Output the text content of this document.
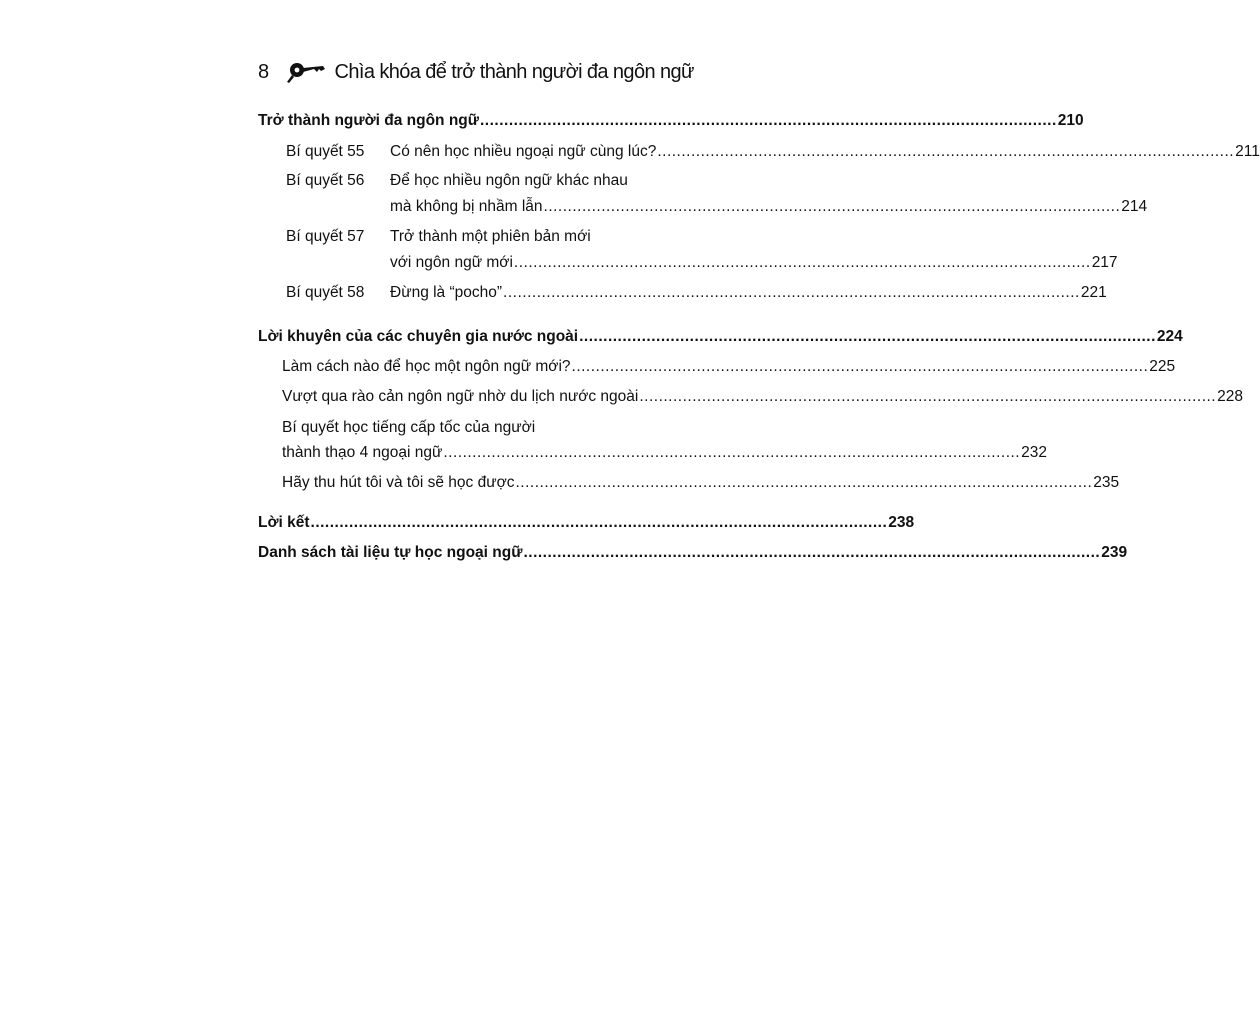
8	Chìa khóa để trở thành người đa ngôn ngữ
Trở thành người đa ngôn ngữ ........................................................................................................................ 210
Bí quyết 55 Có nên học nhiều ngoại ngữ cùng lúc? ........................................................................................................................ 211
Bí quyết 56 Để học nhiều ngôn ngữ khác nhau
mà không bị nhầm lẫn ........................................................................................................................ 214
Bí quyết 57 Trở thành một phiên bản mới
với ngôn ngữ mới ........................................................................................................................ 217
Bí quyết 58 Đừng là “pocho” ........................................................................................................................ 221
Lời khuyên của các chuyên gia nước ngoài ........................................................................................................................ 224
Làm cách nào để học một ngôn ngữ mới? ........................................................................................................................ 225
Vượt qua rào cản ngôn ngữ nhờ du lịch nước ngoài ........................................................................................................................ 228
Bí quyết học tiếng cấp tốc của người
thành thạo 4 ngoại ngữ ........................................................................................................................ 232
Hãy thu hút tôi và tôi sẽ học được ........................................................................................................................ 235
Lời kết ........................................................................................................................ 238
Danh sách tài liệu tự học ngoại ngữ ........................................................................................................................ 239
